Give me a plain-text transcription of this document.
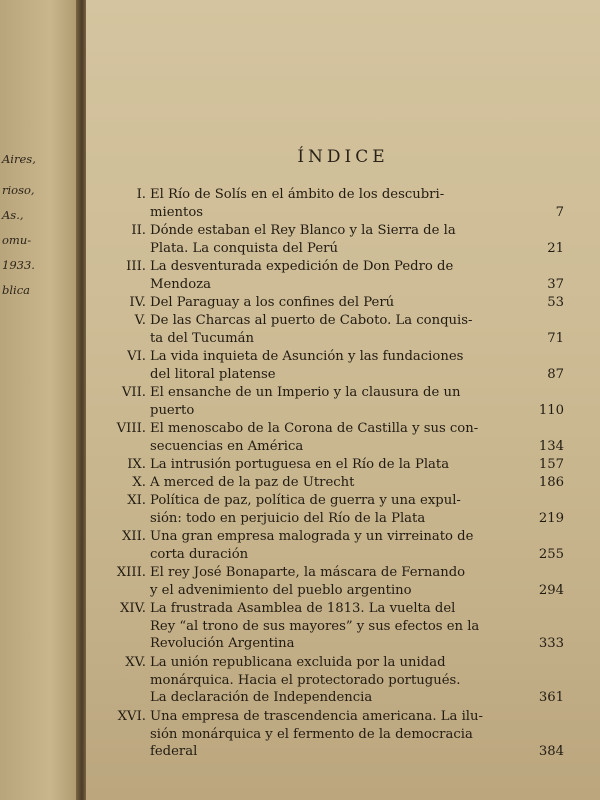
Aires,
rioso,
As.,
omu-
1933.
blica
ÍNDICE
I. El Río de Solís en el ámbito de los descubri-
mientos	7
II. Dónde estaban el Rey Blanco y la Sierra de la
Plata. La conquista del Perú	21
III. La desventurada expedición de Don Pedro de
Mendoza	37
IV. Del Paraguay a los confines del Perú	53
V. De las Charcas al puerto de Caboto. La conquis-
ta del Tucumán	71
VI. La vida inquieta de Asunción y las fundaciones
del litoral platense	87
VII. El ensanche de un Imperio y la clausura de un
puerto	110
VIII. El menoscabo de la Corona de Castilla y sus con-
secuencias en América	134
IX. La intrusión portuguesa en el Río de la Plata	157
X. A merced de la paz de Utrecht	186
XI. Política de paz, política de guerra y una expul-
sión: todo en perjuicio del Río de la Plata	219
XII. Una gran empresa malograda y un virreinato de
corta duración	255
XIII. El rey José Bonaparte, la máscara de Fernando
y el advenimiento del pueblo argentino	294
XIV. La frustrada Asamblea de 1813. La vuelta del
Rey “al trono de sus mayores” y sus efectos en la
Revolución Argentina	333
XV. La unión republicana excluida por la unidad
monárquica. Hacia el protectorado portugués.
La declaración de Independencia	361
XVI. Una empresa de trascendencia americana. La ilu-
sión monárquica y el fermento de la democracia
federal	384
